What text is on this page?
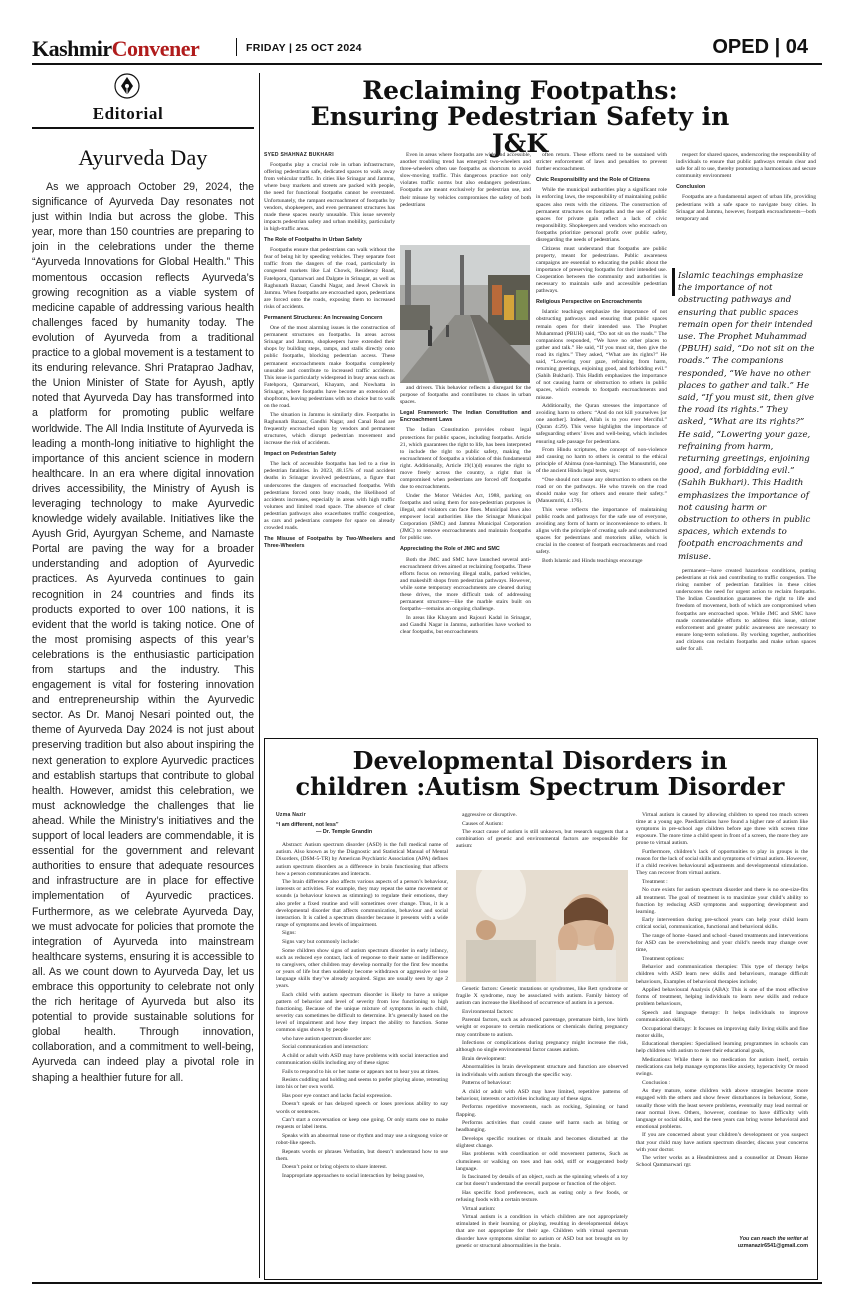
KashmirConvener	FRIDAY | 25 OCT 2024	OPED | 04
Editorial
Ayurveda Day

As we approach October 29, 2024, the significance of Ayurveda Day resonates not just within India but across the globe. This year, more than 150 countries are preparing to join in the celebrations under the theme “Ayurveda Innovations for Global Health.” This momentous occasion reflects Ayurveda’s growing recognition as a viable system of medicine capable of addressing various health challenges faced by humanity today. The evolution of Ayurveda from a traditional practice to a global movement is a testament to its enduring relevance. Shri Prataprao Jadhav, the Union Minister of State for Ayush, aptly noted that Ayurveda Day has transformed into a platform for promoting public welfare worldwide. The All India Institute of Ayurveda is leading a month-long initiative to highlight the importance of this ancient science in modern healthcare. In an era where digital innovation drives accessibility, the Ministry of Ayush is leveraging technology to make Ayurvedic knowledge widely available. Initiatives like the Ayush Grid, Ayurgyan Scheme, and Namaste Portal are paving the way for a broader understanding and adoption of Ayurvedic practices. As Ayurveda continues to gain recognition in 24 countries and finds its products exported to over 100 nations, it is evident that the world is taking notice. One of the most promising aspects of this year’s celebrations is the enthusiastic participation from startups and the industry. This engagement is vital for fostering innovation and entrepreneurship within the Ayurvedic sector. As Dr. Manoj Nesari pointed out, the theme of Ayurveda Day 2024 is not just about preserving tradition but also about inspiring the next generation to explore Ayurvedic practices and establish startups that contribute to global health. However, amidst this celebration, we must acknowledge the challenges that lie ahead. While the Ministry’s initiatives and the support of local leaders are commendable, it is essential for the government and relevant authorities to ensure that adequate resources and infrastructure are in place for effective implementation of Ayurvedic practices. Furthermore, as we celebrate Ayurveda Day, we must advocate for policies that promote the integration of Ayurveda into mainstream healthcare systems, ensuring it is accessible to all. As we count down to Ayurveda Day, let us embrace this opportunity to celebrate not only the rich heritage of Ayurveda but also its potential to provide sustainable solutions for global health. Through innovation, collaboration, and a commitment to well-being, Ayurveda can indeed play a pivotal role in shaping a healthier future for all.

Reclaiming Footpaths: Ensuring Pedestrian Safety in J&K

SYED SHAHNAZ BUKHARI

Footpaths play a crucial role in urban infrastructure, offering pedestrians safe, dedicated spaces to walk away from vehicular traffic. In cities like Srinagar and Jammu, where busy markets and streets are packed with people, the need for functional footpaths cannot be overstated. Unfortunately, the rampant encroachment of footpaths by vendors, shopkeepers, and even permanent structures has made these spaces nearly unusable. This issue severely impacts pedestrian safety and urban mobility, particularly in high-traffic areas.

The Role of Footpaths in Urban Safety

Footpaths ensure that pedestrians can walk without the fear of being hit by speeding vehicles. They separate foot traffic from the dangers of the road, particularly in congested markets like Lal Chowk, Residency Road, Fatehpora, Qamarwari and Dalgate in Srinagar, as well as Raghunath Bazaar, Gandhi Nagar, and Jewel Chowk in Jammu. When footpaths are encroached upon, pedestrians are forced onto the roads, exposing them to increased risks of accidents.

Permanent Structures: An Increasing Concern

One of the most alarming issues is the construction of permanent structures on footpaths. In areas across Srinagar and Jammu, shopkeepers have extended their shops by building steps, ramps, and stalls directly onto public footpaths, blocking pedestrian access. These permanent encroachments make footpaths completely unusable and contribute to increased traffic accidents. This issue is particularly widespread in busy areas such as Fatehpora, Qamarwari, Khayam, and Nowhatta in Srinagar, where footpaths have become an extension of shopfronts, leaving pedestrians with no choice but to walk on the road.

The situation in Jammu is similarly dire. Footpaths in Raghunath Bazaar, Gandhi Nagar, and Canal Road are frequently encroached upon by vendors and permanent structures, which disrupt pedestrian movement and increase the risk of accidents.

Impact on Pedestrian Safety

The lack of accessible footpaths has led to a rise in pedestrian fatalities. In 2023, 48.15% of road accident deaths in Srinagar involved pedestrians, a figure that underscores the dangers of encroached footpaths. With pedestrians forced onto busy roads, the likelihood of accidents increases, especially in areas with high traffic volumes and limited road space. The absence of clear pedestrian pathways also exacerbates traffic congestion, as cars and pedestrians compete for space on already crowded roads.

The Misuse of Footpaths by Two-Wheelers and Three-Wheelers

Even in areas where footpaths are wide and accessible, another troubling trend has emerged: two-wheelers and three-wheelers often use footpaths as shortcuts to avoid slow-moving traffic. This dangerous practice not only violates traffic norms but also endangers pedestrians. Footpaths are meant exclusively for pedestrian use, and their misuse by vehicles compromises the safety of both pedestrians

and drivers. This behavior reflects a disregard for the purpose of footpaths and contributes to chaos in urban spaces.

Legal Framework: The Indian Constitution and Encroachment Laws

The Indian Constitution provides robust legal protections for public spaces, including footpaths. Article 21, which guarantees the right to life, has been interpreted to include the right to public safety, making the encroachment of footpaths a violation of this fundamental right. Additionally, Article 19(1)(d) ensures the right to move freely across the country, a right that is compromised when pedestrians are forced off footpaths due to encroachments.

Under the Motor Vehicles Act, 1988, parking on footpaths and using them for non-pedestrian purposes is illegal, and violators can face fines. Municipal laws also empower local authorities like the Srinagar Municipal Corporation (SMC) and Jammu Municipal Corporation (JMC) to remove encroachments and maintain footpaths for public use.

Appreciating the Role of JMC and SMC

Both the JMC and SMC have launched several anti-encroachment drives aimed at reclaiming footpaths. These efforts focus on removing illegal stalls, parked vehicles, and makeshift shops from pedestrian pathways. However, while some temporary encroachments are cleared during these drives, the more difficult task of addressing permanent structures—like the marble stairs built on footpaths—remains an ongoing challenge.

In areas like Khayam and Rajouri Kadal in Srinagar, and Gandhi Nagar in Jammu, authorities have worked to clear footpaths, but encroachments

often return. These efforts need to be sustained with stricter enforcement of laws and penalties to prevent further encroachment.

Civic Responsibility and the Role of Citizens

While the municipal authorities play a significant role in enforcing laws, the responsibility of maintaining public spaces also rests with the citizens. The construction of permanent structures on footpaths and the use of public spaces for private gain reflect a lack of civic responsibility. Shopkeepers and vendors who encroach on footpaths prioritize personal profit over public safety, disregarding the needs of pedestrians.

Citizens must understand that footpaths are public property, meant for pedestrians. Public awareness campaigns are essential to educating the public about the importance of preserving footpaths for their intended use. Cooperation between the community and authorities is necessary to maintain safe and accessible pedestrian pathways.

Religious Perspective on Encroachments

Islamic teachings emphasize the importance of not obstructing pathways and ensuring that public spaces remain open for their intended use. The Prophet Muhammad (PBUH) said, “Do not sit on the roads.” The companions responded, “We have no other places to gather and talk.” He said, “If you must sit, then give the road its rights.” They asked, “What are its rights?” He said, “Lowering your gaze, refraining from harm, returning greetings, enjoining good, and forbidding evil.” (Sahih Bukhari). This Hadith emphasizes the importance of not causing harm or obstruction to others in public spaces, which extends to footpath encroachments and misuse.

Additionally, the Quran stresses the importance of avoiding harm to others: “And do not kill yourselves [or one another]. Indeed, Allah is to you ever Merciful.” (Quran 4:29). This verse highlights the importance of safeguarding others’ lives and well-being, which includes ensuring safe passage for pedestrians.

From Hindu scriptures, the concept of non-violence and causing no harm to others is central to the ethical principle of Ahimsa (non-harming). The Manusmriti, one of the ancient Hindu legal texts, says:

“One should not cause any obstruction to others on the road or on the pathways. He who travels on the road should make way for others and ensure their safety.” (Manusmriti, 4.176).

This verse reflects the importance of maintaining public roads and pathways for the safe use of everyone, avoiding any form of harm or inconvenience to others. It aligns with the principle of creating safe and unobstructed spaces for pedestrians and motorists alike, which is crucial in the context of footpath encroachments and road safety.

Both Islamic and Hindu teachings encourage

respect for shared spaces, underscoring the responsibility of individuals to ensure that public pathways remain clear and safe for all to use, thereby promoting a harmonious and secure community environment

Conclusion

Footpaths are a fundamental aspect of urban life, providing pedestrians with a safe space to navigate busy cities. In Srinagar and Jammu, however, footpath encroachments—both temporary and

Islamic teachings emphasize the importance of not obstructing pathways and ensuring that public spaces remain open for their intended use. The Prophet Muhammad (PBUH) said, “Do not sit on the roads.” The companions responded, “We have no other places to gather and talk.” He said, “If you must sit, then give the road its rights.” They asked, “What are its rights?” He said, “Lowering your gaze, refraining from harm, returning greetings, enjoining good, and forbidding evil.” (Sahih Bukhari). This Hadith emphasizes the importance of not causing harm or obstruction to others in public spaces, which extends to footpath encroachments and misuse.

permanent—have created hazardous conditions, putting pedestrians at risk and contributing to traffic congestion. The rising number of pedestrian fatalities in these cities underscores the need for urgent action to reclaim footpaths. The Indian Constitution guarantees the right to life and freedom of movement, both of which are compromised when footpaths are encroached upon. While JMC and SMC have made commendable efforts to address this issue, stricter enforcement and greater public awareness are necessary to ensure long-term solutions. By working together, authorities and citizens can reclaim footpaths and make urban spaces safer for all.

Developmental Disorders in
children :Autism Spectrum Disorder

Uzma Nazir

“I am different, not less”

— Dr. Temple Grandin

Abstract: Autism spectrum disorder (ASD) is the full medical name of autism. Also known as by the Diagnostic and Statistical Manual of Mental Disorders, (DSM-5-TR) by American Psychiatric Association (APA) defines autism spectrum disorders as a difference in brain functioning that affects how a person communicates and interacts.

The brain difference also affects various aspects of a person’s behaviour, interests or activities. For example, they may repeat the same movement or sounds (a behaviour known as stimming) to regulate their emotions, they also prefer a fixed routine and will sometimes over change. Thus, it is a developmental disorder that affects communication, behaviour and social interaction. It is called a spectrum disorder because it presents with a wide range of symptoms and levels of impairment.

Signs:

Signs vary but commonly include:

Some children show signs of autism spectrum disorder in early infancy, such as reduced eye contact, lack of response to their name or indifference to caregivers, other children may develop normally for the first few months or years of life but then suddenly become withdrawn or aggressive or lose language skills they’ve already acquired. Signs are usually seen by age 2 years.

Each child with autism spectrum disorder is likely to have a unique pattern of behavior and level of severity from low functioning to high functioning. Because of the unique mixture of symptoms in each child, severity can sometimes be difficult to determine. It’s generally based on the level of impairment and how they impact the ability to function. Some common signs shown by people

who have autism spectrum disorder are:

Social communication and interaction:

A child or adult with ASD may have problems with social interaction and communication skills including any of these signs:

Fails to respond to his or her name or appears not to hear you at times.

Resists cuddling and holding and seems to prefer playing alone, retreating into his or her own world.

Has poor eye contact and lacks facial expression.

Doesn’t speak or has delayed speech or loses previous ability to say words or sentences.

Can’t start a conversation or keep one going. Or only starts one to make requests or label items.

Speaks with an abnormal tone or rhythm and may use a singsong voice or robot-like speech.

Repeats words or phrases Verbatim, but doesn’t understand how to use them.

Doesn’t point or bring objects to share interest.

Inappropriate approaches to social interaction by being passive,

aggressive or disruptive.

Causes of Autism:

The exact cause of autism is still unknown, but research suggests that a combination of genetic and environmental factors are responsible for autism:

Genetic factors: Genetic mutations or syndromes, like Rett syndrome or fragile X syndrome, may be associated with autism. Family history of autism can increase the likelihood of occurrence of autism in a person.

Environmental factors:

Parental factors, such as advanced parentage, premature birth, low birth weight or exposure to certain medications or chemicals during pregnancy may contribute to autism.

Infections or complications during pregnancy might increase the risk, although no single environmental factor causes autism.

Brain development:

Abnormalities in brain development structure and function are observed in individuals with autism through the specific way.

Patterns of behaviour:

A child or adult with ASD may have limited, repetitive patterns of behaviour, interests or activities including any of these signs.

Performs repetitive movements, such as rocking, Spinning or hand flapping.

Performs activities that could cause self harm such as biting or headbanging.

Develops specific routines or rituals and becomes disturbed at the slightest change.

Has problems with coordination or odd movement patterns, Such as clumsiness or walking on toes and has odd, stiff or exaggerated body language.

Is fascinated by details of an object, such as the spinning wheels of a toy car but doesn’t understand the overall purpose or function of the object.

Has specific food preferences, such as eating only a few foods, or refusing foods with a certain texture.

Virtual autism:

Virtual autism is a condition in which children are not appropriately stimulated in their learning or playing, resulting in developmental delays that are not appropriate for their age. Children with virtual spectrum disorder have symptoms similar to autism or ASD but not brought on by genetic or structural abnormalities in the brain.

Virtual autism is caused by allowing children to spend too much screen time at a young age. Paediatricians have found a higher rate of autism like symptoms in pre-school age children before age three with screen time exposure. The more time a child spent in front of a screen, the more they are prone to virtual autism.

Furthermore, children’s lack of opportunities to play in groups is the reason for the lack of social skills and symptoms of virtual autism. However, if a child receives behavioural adjustments and developmental stimulation. They can recover from virtual autism.

Treatment :

No cure exists for autism spectrum disorder and there is no one-size-fits all treatment. The goal of treatment is to maximize your child’s ability to function by reducing ASD symptoms and supporting development and learning.

Early intervention during pre-school years can help your child learn critical social, communication, functional and behavioral skills.

The range of home -based and school -based treatments and interventions for ASD can be overwhelming and your child’s needs may change over time,

Treatment options:

Behavior and communication therapies: This type of therapy helps children with ASD learn new skills and behaviours, manage difficult behaviours, Examples of behavioral therapies include;

Applied behavioural Analysis (ABA): This is one of the most effective forms of treatment, helping individuals to learn new skills and reduce problem behaviours,

Speech and language therapy: It helps individuals to improve communication skills,

Occupational therapy: It focuses on improving daily living skills and fine motor skills,

Educational therapies: Specialised learning programmes in schools can help children with autism to meet their educational goals,

Medications: While there is no medication for autism itself, certain medications can help manage symptoms like anxiety, hyperactivity Or mood swings.

Conclusion :

As they mature, some children with above strategies become more engaged with the others and show fewer disturbances in behaviour, Some, usually those with the least severe problems, eventually may lead normal or near normal lives. Others, however, continue to have difficulty with language or social skills, and the teen years can bring worse behavioral and emotional problems.

If you are concerned about your children’s development or you suspect that your child may have autism spectrum disorder, discuss your concerns with your doctor.

The writer works as a Headmistress and a counsellor at Dream Home School Qammarwari rgr.

You can reach the writer at

uzmanazir6541@gmail.com
